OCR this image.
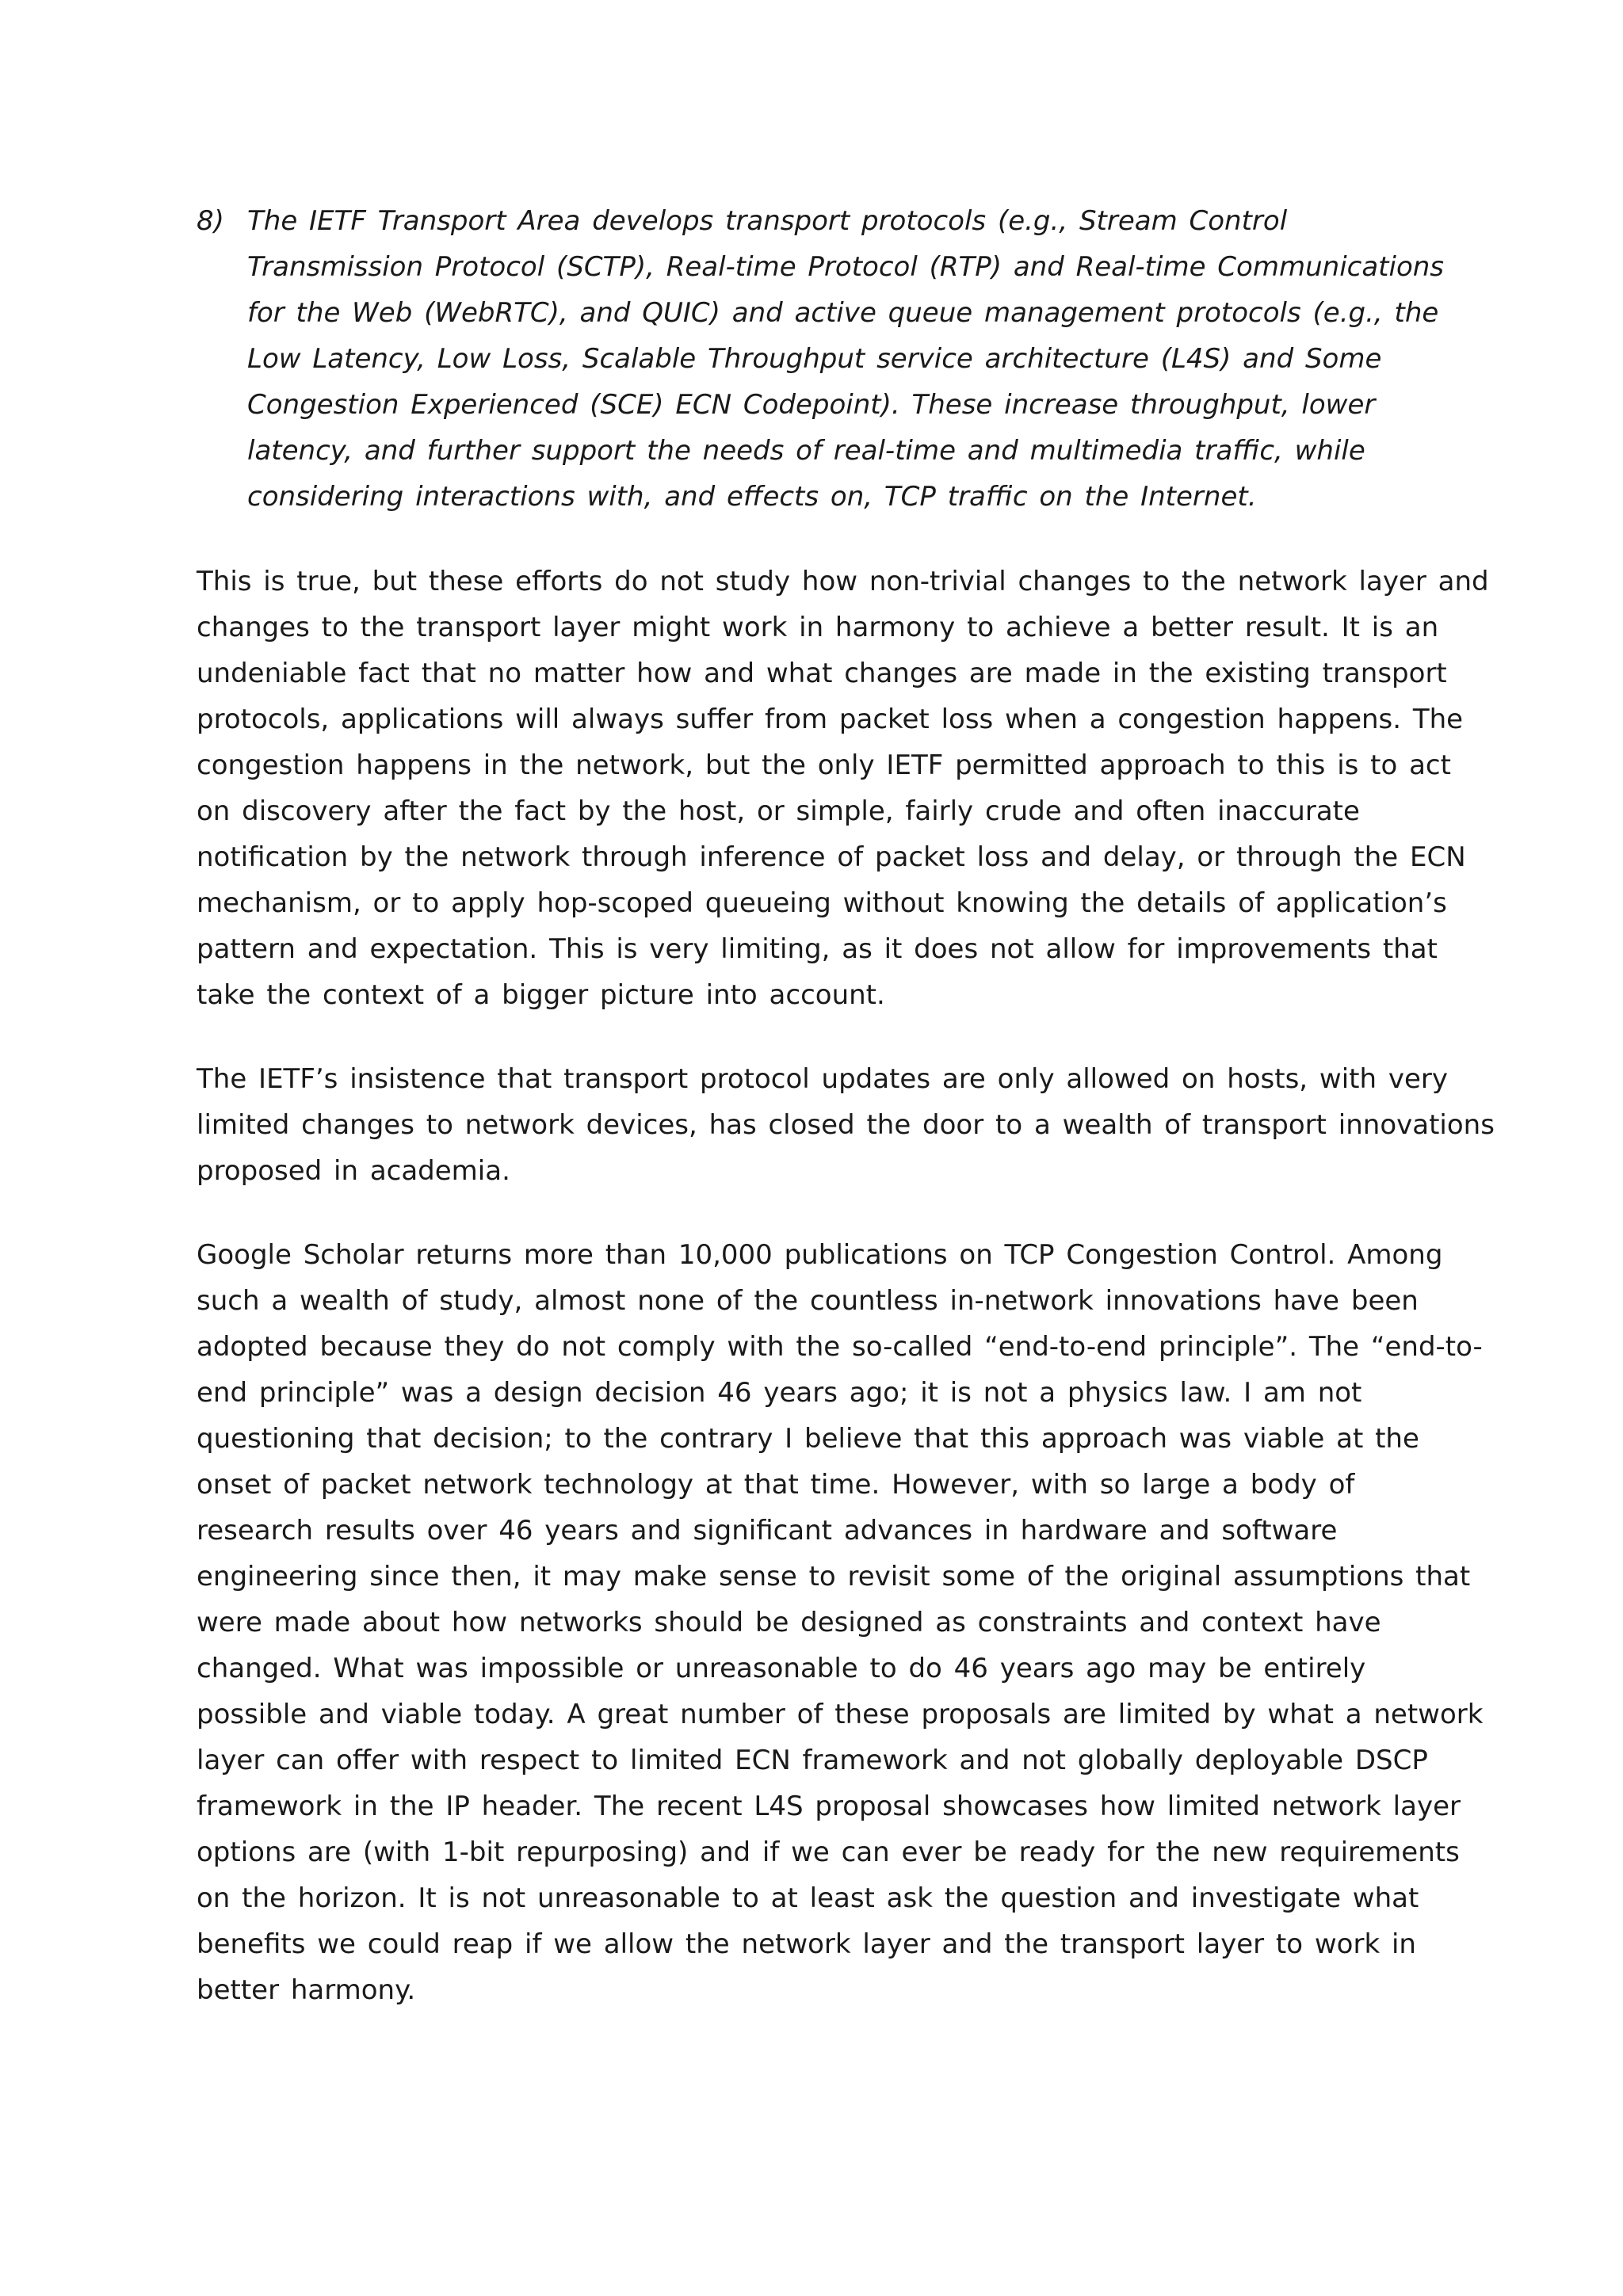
8) The IETF Transport Area develops transport protocols (e.g., Stream Control
Transmission Protocol (SCTP), Real-time Protocol (RTP) and Real-time Communications
for the Web (WebRTC), and QUIC) and active queue management protocols (e.g., the
Low Latency, Low Loss, Scalable Throughput service architecture (L4S) and Some
Congestion Experienced (SCE) ECN Codepoint). These increase throughput, lower
latency, and further support the needs of real-time and multimedia traffic, while
considering interactions with, and effects on, TCP traffic on the Internet.

This is true, but these efforts do not study how non-trivial changes to the network layer and
changes to the transport layer might work in harmony to achieve a better result. It is an
undeniable fact that no matter how and what changes are made in the existing transport
protocols, applications will always suffer from packet loss when a congestion happens. The
congestion happens in the network, but the only IETF permitted approach to this is to act
on discovery after the fact by the host, or simple, fairly crude and often inaccurate
notification by the network through inference of packet loss and delay, or through the ECN
mechanism, or to apply hop-scoped queueing without knowing the details of application’s
pattern and expectation. This is very limiting, as it does not allow for improvements that
take the context of a bigger picture into account.

The IETF’s insistence that transport protocol updates are only allowed on hosts, with very
limited changes to network devices, has closed the door to a wealth of transport innovations
proposed in academia.

Google Scholar returns more than 10,000 publications on TCP Congestion Control. Among
such a wealth of study, almost none of the countless in-network innovations have been
adopted because they do not comply with the so-called “end-to-end principle”. The “end-to-
end principle” was a design decision 46 years ago; it is not a physics law. I am not
questioning that decision; to the contrary I believe that this approach was viable at the
onset of packet network technology at that time. However, with so large a body of
research results over 46 years and significant advances in hardware and software
engineering since then, it may make sense to revisit some of the original assumptions that
were made about how networks should be designed as constraints and context have
changed. What was impossible or unreasonable to do 46 years ago may be entirely
possible and viable today. A great number of these proposals are limited by what a network
layer can offer with respect to limited ECN framework and not globally deployable DSCP
framework in the IP header. The recent L4S proposal showcases how limited network layer
options are (with 1-bit repurposing) and if we can ever be ready for the new requirements
on the horizon. It is not unreasonable to at least ask the question and investigate what
benefits we could reap if we allow the network layer and the transport layer to work in
better harmony.
